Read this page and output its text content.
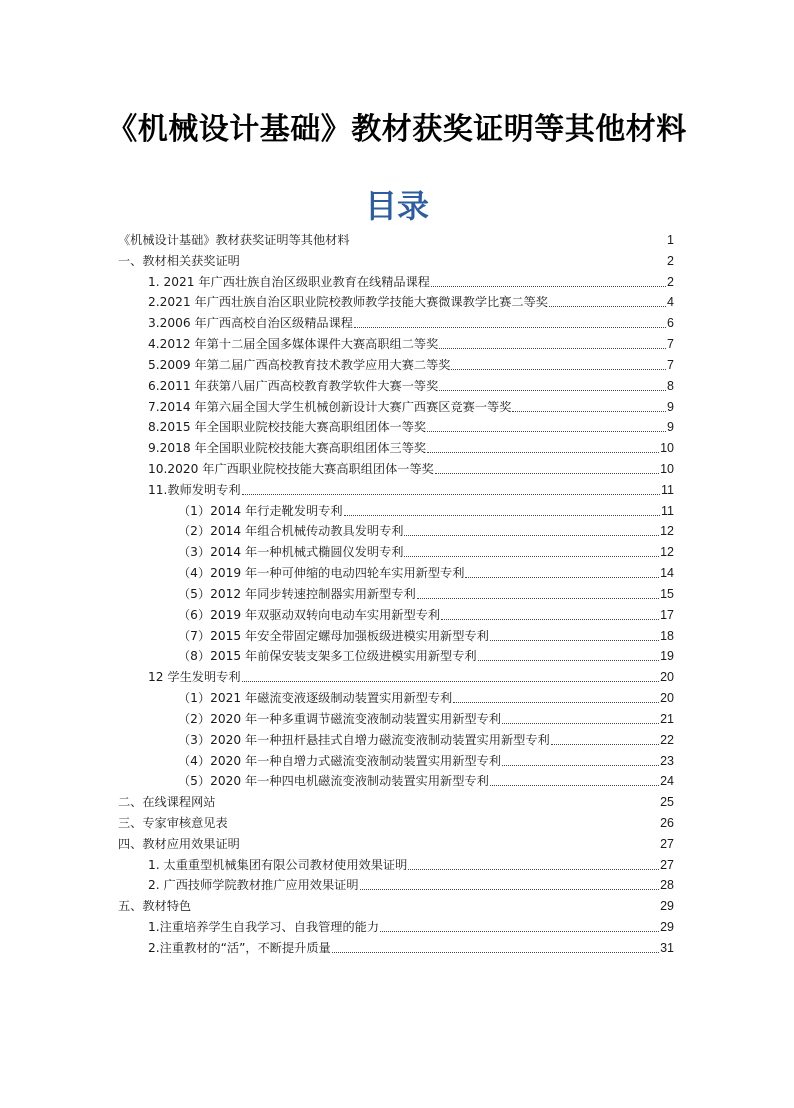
《机械设计基础》教材获奖证明等其他材料
目录
《机械设计基础》教材获奖证明等其他材料	1
一、教材相关获奖证明	2
1. 2021 年广西壮族自治区级职业教育在线精品课程	2
2.2021 年广西壮族自治区职业院校教师教学技能大赛微课教学比赛二等奖	4
3.2006 年广西高校自治区级精品课程	6
4.2012 年第十二届全国多媒体课件大赛高职组二等奖	7
5.2009 年第二届广西高校教育技术教学应用大赛二等奖	7
6.2011 年获第八届广西高校教育教学软件大赛一等奖	8
7.2014 年第六届全国大学生机械创新设计大赛广西赛区竞赛一等奖	9
8.2015 年全国职业院校技能大赛高职组团体一等奖	9
9.2018 年全国职业院校技能大赛高职组团体三等奖	10
10.2020 年广西职业院校技能大赛高职组团体一等奖	10
11.教师发明专利	11
（1）2014 年行走靴发明专利	11
（2）2014 年组合机械传动教具发明专利	12
（3）2014 年一种机械式椭圆仪发明专利	12
（4）2019 年一种可伸缩的电动四轮车实用新型专利	14
（5）2012 年同步转速控制器实用新型专利	15
（6）2019 年双驱动双转向电动车实用新型专利	17
（7）2015 年安全带固定螺母加强板级进模实用新型专利	18
（8）2015 年前保安装支架多工位级进模实用新型专利	19
12 学生发明专利	20
（1）2021 年磁流变液逐级制动装置实用新型专利	20
（2）2020 年一种多重调节磁流变液制动装置实用新型专利	21
（3）2020 年一种扭杆悬挂式自增力磁流变液制动装置实用新型专利	22
（4）2020 年一种自增力式磁流变液制动装置实用新型专利	23
（5）2020 年一种四电机磁流变液制动装置实用新型专利	24
二、在线课程网站	25
三、专家审核意见表	26
四、教材应用效果证明	27
1. 太重重型机械集团有限公司教材使用效果证明	27
2. 广西技师学院教材推广应用效果证明	28
五、教材特色	29
1.注重培养学生自我学习、自我管理的能力	29
2.注重教材的“活”，不断提升质量	31
